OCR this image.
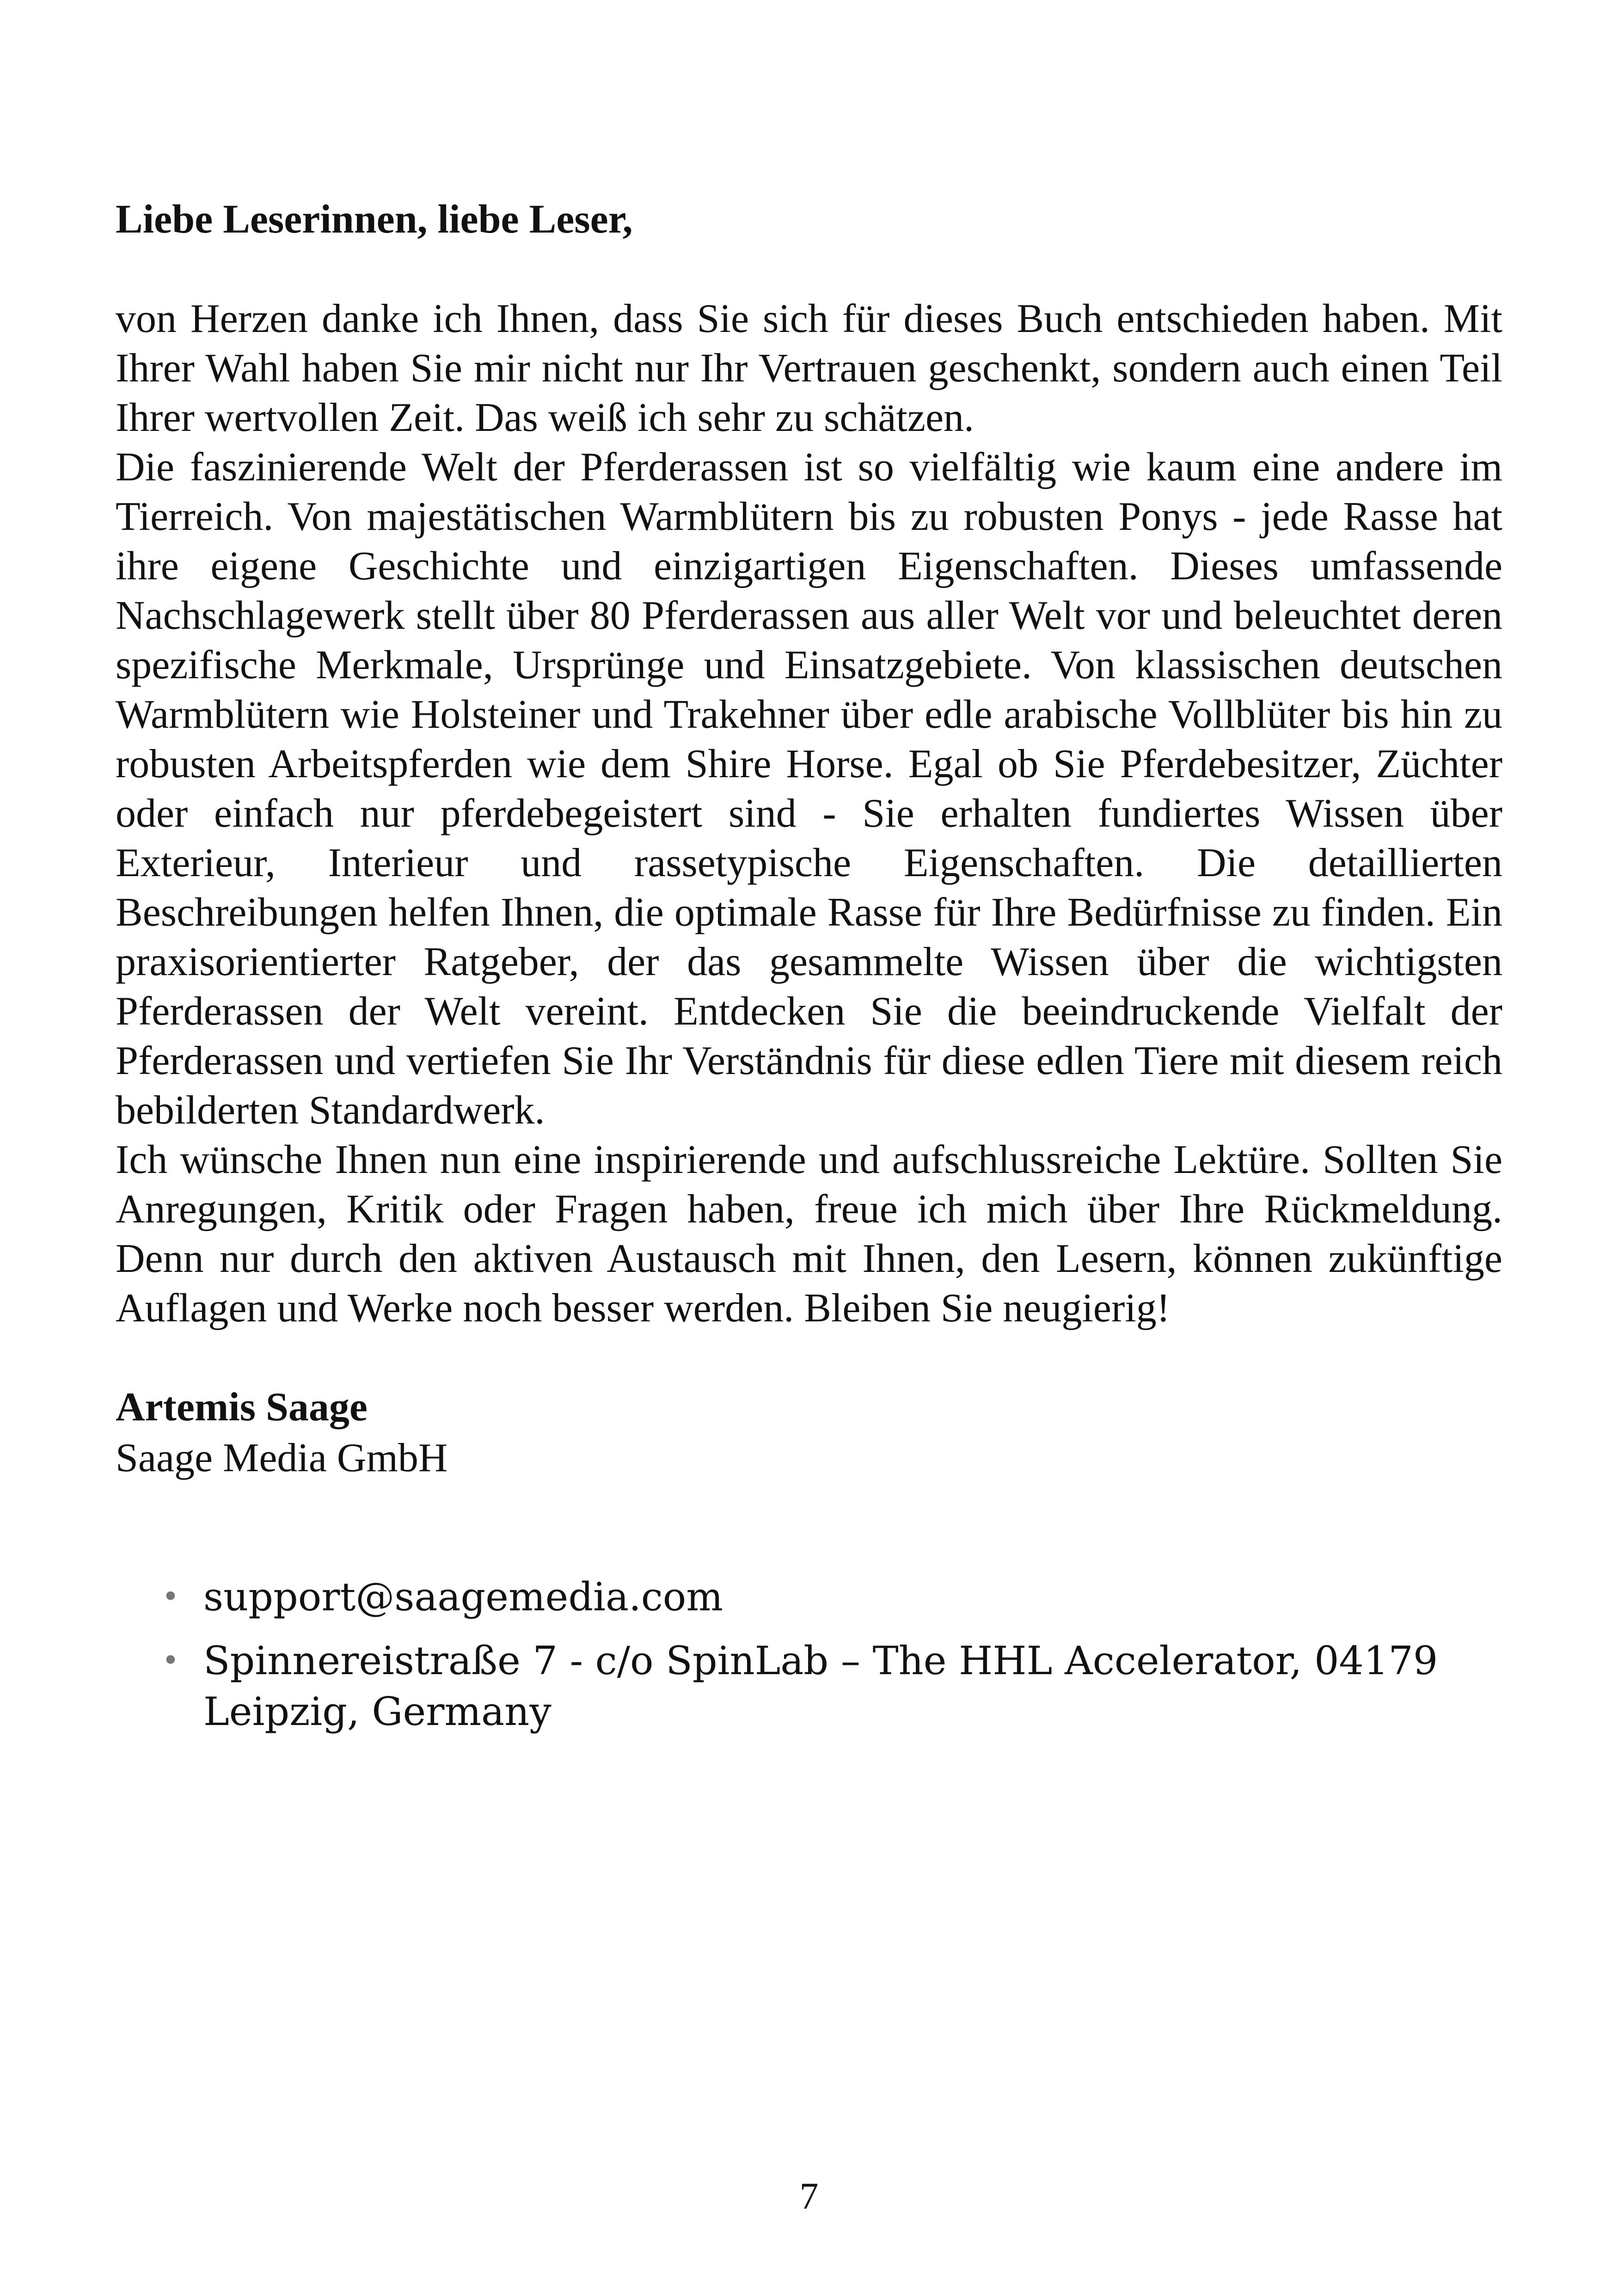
Liebe Leserinnen, liebe Leser,

von Herzen danke ich Ihnen, dass Sie sich für dieses Buch entschieden haben. Mit Ihrer Wahl haben Sie mir nicht nur Ihr Vertrauen geschenkt, sondern auch einen Teil Ihrer wertvollen Zeit. Das weiß ich sehr zu schätzen.

Die faszinierende Welt der Pferderassen ist so vielfältig wie kaum eine andere im Tierreich. Von majestätischen Warmblütern bis zu robusten Ponys - jede Rasse hat ihre eigene Geschichte und einzigartigen Eigenschaften. Dieses umfassende Nachschlagewerk stellt über 80 Pferderassen aus aller Welt vor und beleuchtet deren spezifische Merkmale, Ursprünge und Einsatzgebiete. Von klassischen deutschen Warmblütern wie Holsteiner und Trakehner über edle arabische Vollblüter bis hin zu robusten Arbeitspferden wie dem Shire Horse. Egal ob Sie Pferdebesitzer, Züchter oder einfach nur pferdebegeistert sind - Sie erhalten fundiertes Wissen über Exterieur, Interieur und rassetypische Eigenschaften. Die detaillierten Beschreibungen helfen Ihnen, die optimale Rasse für Ihre Bedürfnisse zu finden. Ein praxisorientierter Ratgeber, der das gesammelte Wissen über die wichtigsten Pferderassen der Welt vereint. Entdecken Sie die beeindruckende Vielfalt der Pferderassen und vertiefen Sie Ihr Verständnis für diese edlen Tiere mit diesem reich bebilderten Standardwerk.

Ich wünsche Ihnen nun eine inspirierende und aufschlussreiche Lektüre. Sollten Sie Anregungen, Kritik oder Fragen haben, freue ich mich über Ihre Rückmeldung. Denn nur durch den aktiven Austausch mit Ihnen, den Lesern, können zukünftige Auflagen und Werke noch besser werden. Bleiben Sie neugierig!

Artemis Saage
Saage Media GmbH
• support@saagemedia.com
• Spinnereistraße 7 - c/o SpinLab – The HHL Accelerator, 04179 Leipzig, Germany
7
